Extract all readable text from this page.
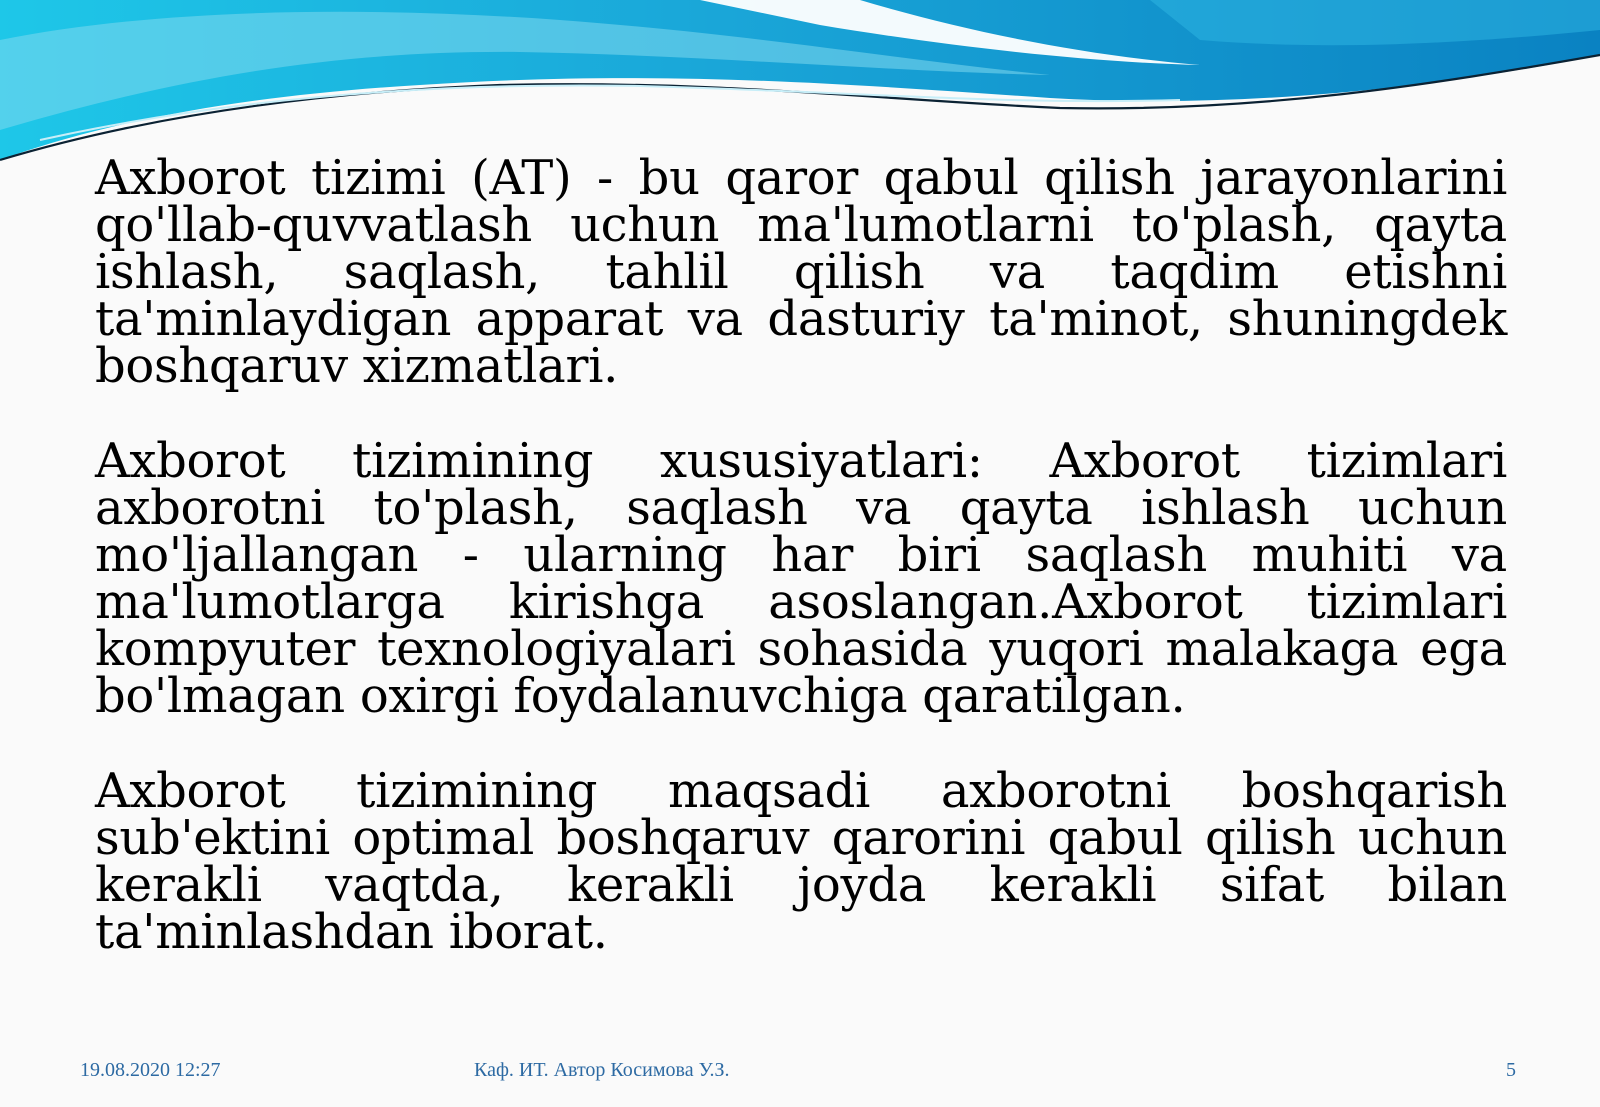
Axborot tizimi (AT) - bu qaror qabul qilish jarayonlarini qo'llab-quvvatlash uchun ma'lumotlarni to'plash, qayta ishlash, saqlash, tahlil qilish va taqdim etishni ta'minlaydigan apparat va dasturiy ta'minot, shuningdek boshqaruv xizmatlari.

Axborot tizimining xususiyatlari: Axborot tizimlari axborotni to'plash, saqlash va qayta ishlash uchun mo'ljallangan - ularning har biri saqlash muhiti va ma'lumotlarga kirishga asoslangan.Axborot tizimlari kompyuter texnologiyalari sohasida yuqori malakaga ega bo'lmagan oxirgi foydalanuvchiga qaratilgan.

Axborot tizimining maqsadi axborotni boshqarish sub'ektini optimal boshqaruv qarorini qabul qilish uchun kerakli vaqtda, kerakli joyda kerakli sifat bilan ta'minlashdan iborat.

19.08.2020 12:27	Каф. ИТ. Автор Косимова У.З.	5
